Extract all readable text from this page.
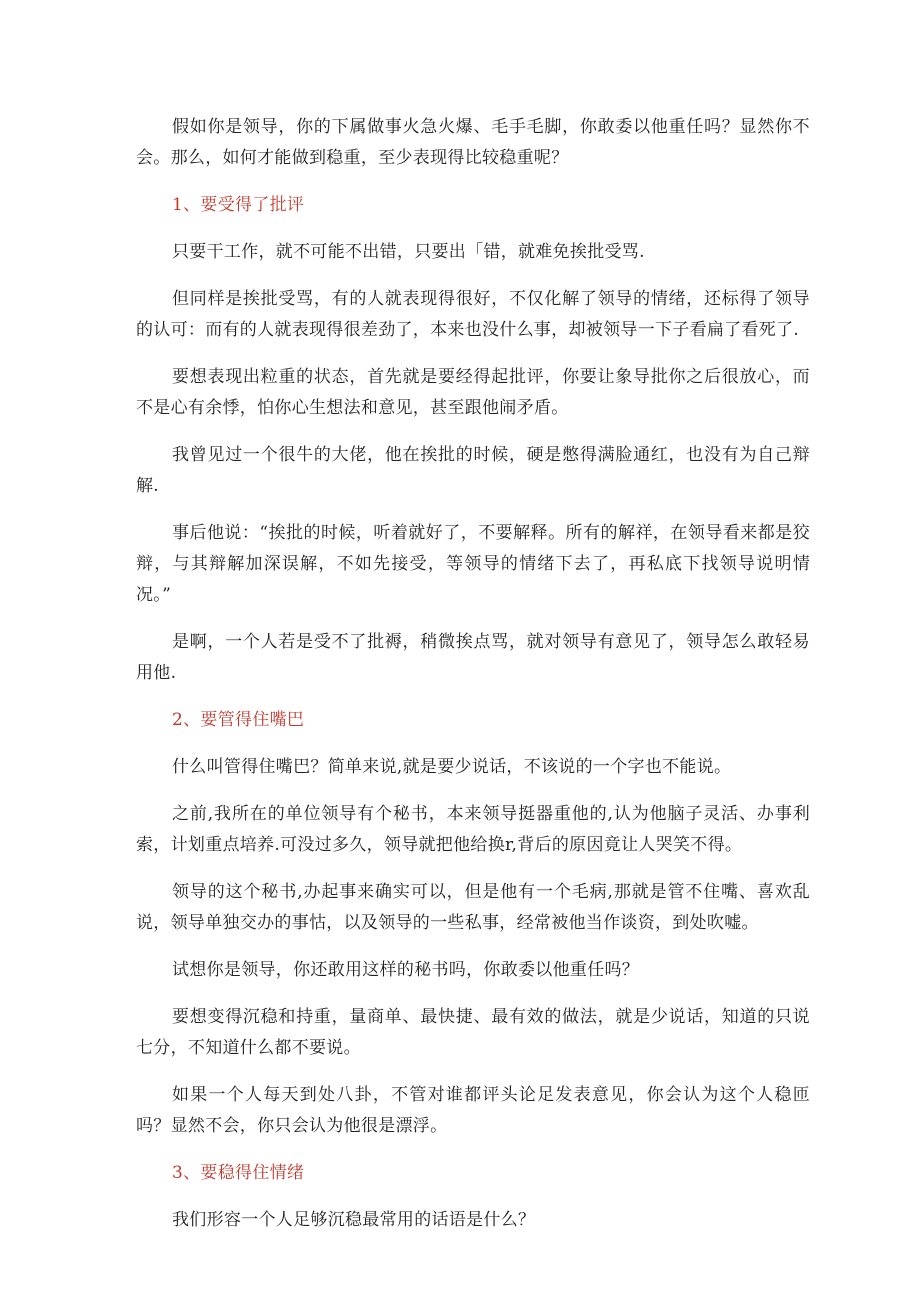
假如你是领导，你的下属做事火急火爆、毛手毛脚，你敢委以他重任吗？显然你不会。那么，如何才能做到稳重，至少表现得比较稳重呢？

1、要受得了批评

只要干工作，就不可能不出错，只要出「错，就难免挨批受骂.

但同样是挨批受骂，有的人就表现得很好，不仅化解了领导的情绪，还标得了领导的认可：而有的人就表现得很差劲了，本来也没什么事，却被领导一下子看扁了看死了.

要想表现出粒重的状态，首先就是要经得起批评，你要让象导批你之后很放心，而不是心有余悸，怕你心生想法和意见，甚至跟他闹矛盾。

我曾见过一个很牛的大佬，他在挨批的时候，硬是憋得满脸通红，也没有为自己辩解.

事后他说：“挨批的时候，听着就好了，不要解释。所有的解祥，在领导看来都是狡辩，与其辩解加深误解，不如先接受，等领导的情绪下去了，再私底下找领导说明情况。”

是啊，一个人若是受不了批褥，稍微挨点骂，就对领导有意见了，领导怎么敢轻易用他.

2、要管得住嘴巴

什么叫管得住嘴巴？简单来说,就是要少说话，不该说的一个字也不能说。

之前,我所在的单位领导有个秘书，本来领导挺器重他的,认为他脑子灵活、办事利索，计划重点培养.可没过多久，领导就把他给换r,背后的原因竟让人哭笑不得。

领导的这个秘书,办起事来确实可以，但是他有一个毛病,那就是管不住嘴、喜欢乱说，领导单独交办的事怙，以及领导的一些私事，经常被他当作谈资，到处吹嘘。

试想你是领导，你还敢用这样的秘书吗，你敢委以他重任吗？

要想变得沉稳和持重，量商单、最快捷、最有效的做法，就是少说话，知道的只说七分，不知道什么都不要说。

如果一个人每天到处八卦，不管对谁都评头论足发表意见，你会认为这个人稳匝吗？显然不会，你只会认为他很是漂浮。

3、要稳得住情绪

我们形容一个人足够沉稳最常用的话语是什么？
